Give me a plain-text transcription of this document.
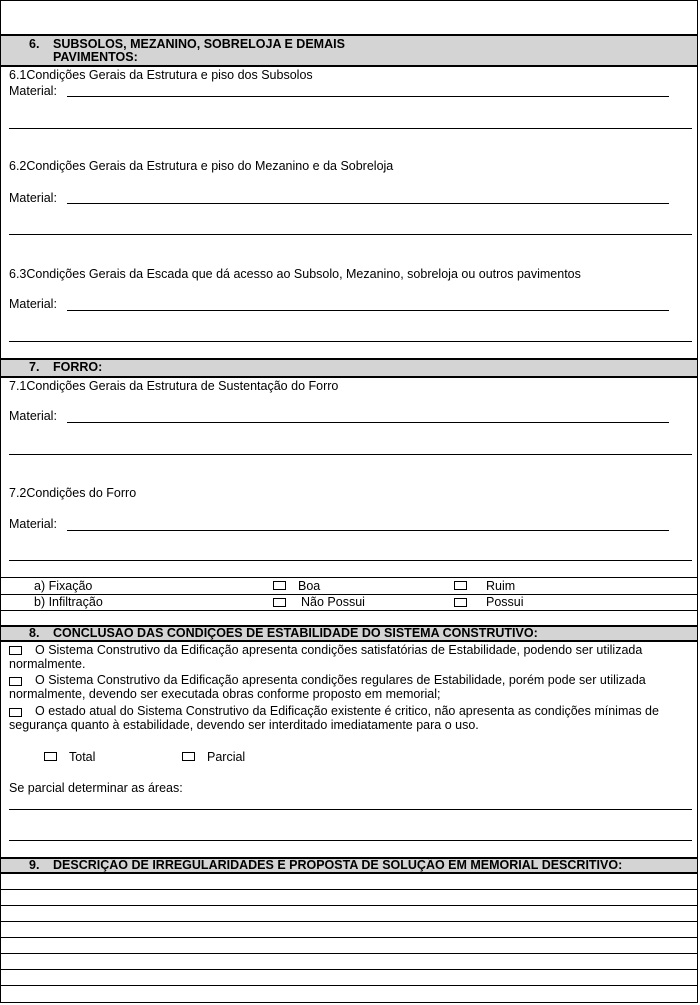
6. SUBSOLOS, MEZANINO, SOBRELOJA E DEMAIS
PAVIMENTOS:
6.1Condições Gerais da Estrutura e piso dos Subsolos
Material:
6.2Condições Gerais da Estrutura e piso do Mezanino e da Sobreloja
Material:
6.3Condições Gerais da Escada que dá acesso ao Subsolo, Mezanino, sobreloja ou outros pavimentos
Material:
7. FORRO:
7.1Condições Gerais da Estrutura de Sustentação do Forro
Material:
7.2Condições do Forro
Material:
a) Fixação	Boa	Ruim
b) Infiltração	Não Possui	Possui
8. CONCLUSAO DAS CONDIÇOES DE ESTABILIDADE DO SISTEMA CONSTRUTIVO:
O Sistema Construtivo da Edificação apresenta condições satisfatórias de Estabilidade, podendo ser utilizada normalmente.
O Sistema Construtivo da Edificação apresenta condições regulares de Estabilidade, porém pode ser utilizada normalmente, devendo ser executada obras conforme proposto em memorial;
O estado atual do Sistema Construtivo da Edificação existente é critico, não apresenta as condições mínimas de segurança quanto à estabilidade, devendo ser interditado imediatamente para o uso.
Total	Parcial
Se parcial determinar as áreas:
9. DESCRIÇÃO DE IRREGULARIDADES E PROPOSTA DE SOLUÇÃO EM MEMORIAL DESCRITIVO:
